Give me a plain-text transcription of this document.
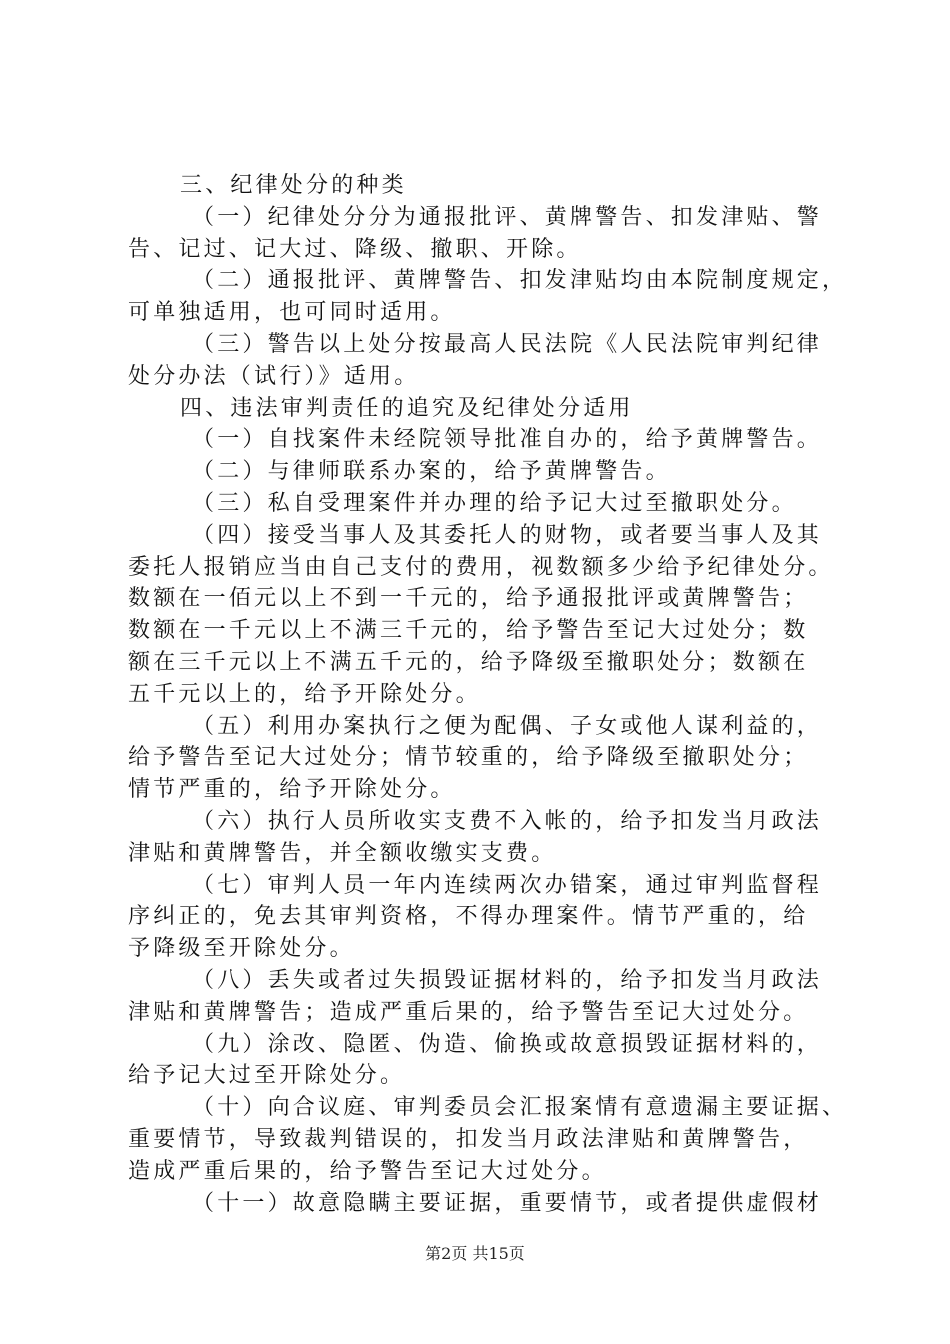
三、纪律处分的种类
（一）纪律处分分为通报批评、黄牌警告、扣发津贴、警
告、记过、记大过、降级、撤职、开除。
（二）通报批评、黄牌警告、扣发津贴均由本院制度规定，
可单独适用，也可同时适用。
（三）警告以上处分按最高人民法院《人民法院审判纪律
处分办法（试行）》适用。
四、违法审判责任的追究及纪律处分适用
（一）自找案件未经院领导批准自办的，给予黄牌警告。
（二）与律师联系办案的，给予黄牌警告。
（三）私自受理案件并办理的给予记大过至撤职处分。
（四）接受当事人及其委托人的财物，或者要当事人及其
委托人报销应当由自己支付的费用，视数额多少给予纪律处分。
数额在一佰元以上不到一千元的，给予通报批评或黄牌警告；
数额在一千元以上不满三千元的，给予警告至记大过处分；数
额在三千元以上不满五千元的，给予降级至撤职处分；数额在
五千元以上的，给予开除处分。
（五）利用办案执行之便为配偶、子女或他人谋利益的，
给予警告至记大过处分；情节较重的，给予降级至撤职处分；
情节严重的，给予开除处分。
（六）执行人员所收实支费不入帐的，给予扣发当月政法
津贴和黄牌警告，并全额收缴实支费。
（七）审判人员一年内连续两次办错案，通过审判监督程
序纠正的，免去其审判资格，不得办理案件。情节严重的，给
予降级至开除处分。
（八）丢失或者过失损毁证据材料的，给予扣发当月政法
津贴和黄牌警告；造成严重后果的，给予警告至记大过处分。
（九）涂改、隐匿、伪造、偷换或故意损毁证据材料的，
给予记大过至开除处分。
（十）向合议庭、审判委员会汇报案情有意遗漏主要证据、
重要情节，导致裁判错误的，扣发当月政法津贴和黄牌警告，
造成严重后果的，给予警告至记大过处分。
（十一）故意隐瞒主要证据，重要情节，或者提供虚假材
第2页 共15页
